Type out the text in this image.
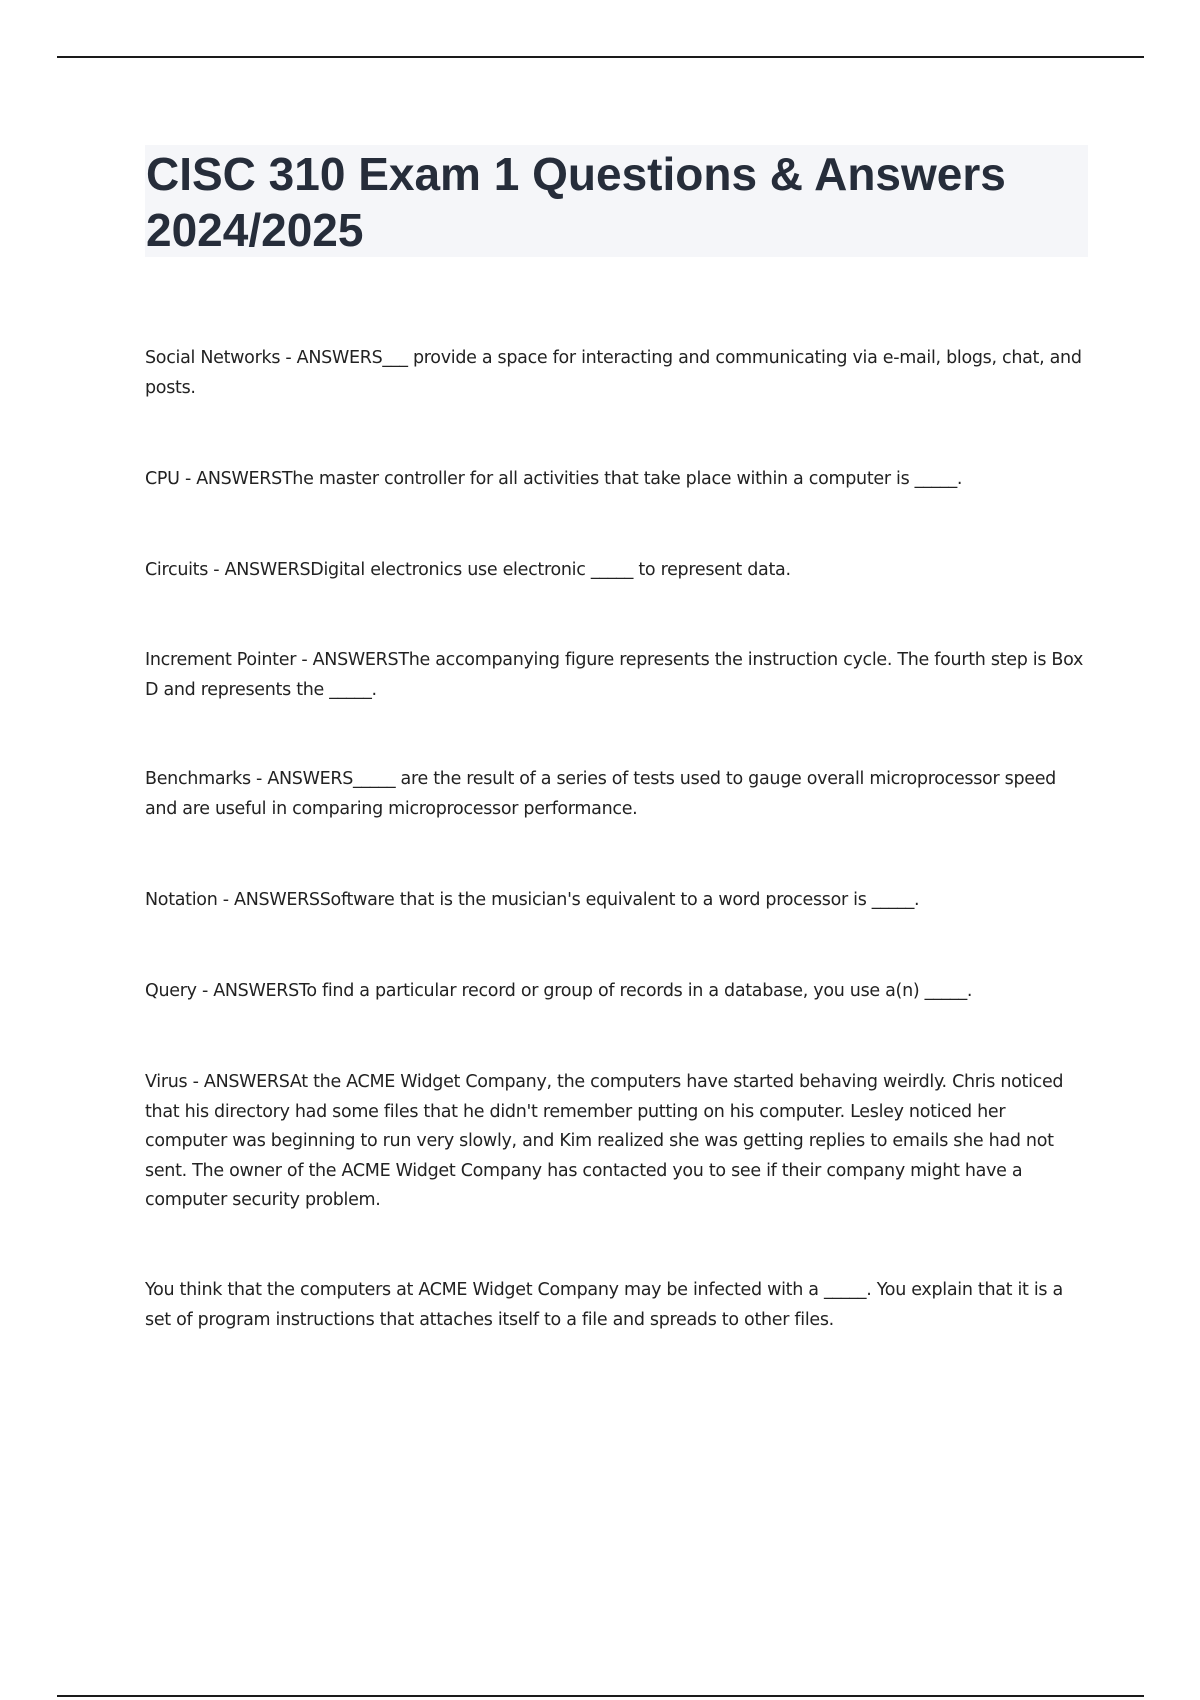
CISC 310 Exam 1 Questions & Answers 2024/2025

Social Networks - ANSWERS___ provide a space for interacting and communicating via e-mail, blogs, chat, and posts.

CPU - ANSWERSThe master controller for all activities that take place within a computer is _____.

Circuits - ANSWERSDigital electronics use electronic _____ to represent data.

Increment Pointer - ANSWERSThe accompanying figure represents the instruction cycle. The fourth step is Box D and represents the _____.

Benchmarks - ANSWERS_____ are the result of a series of tests used to gauge overall microprocessor speed and are useful in comparing microprocessor performance.

Notation - ANSWERSSoftware that is the musician's equivalent to a word processor is _____.

Query - ANSWERSTo find a particular record or group of records in a database, you use a(n) _____.

Virus - ANSWERSAt the ACME Widget Company, the computers have started behaving weirdly. Chris noticed that his directory had some files that he didn't remember putting on his computer. Lesley noticed her computer was beginning to run very slowly, and Kim realized she was getting replies to emails she had not sent. The owner of the ACME Widget Company has contacted you to see if their company might have a computer security problem.

You think that the computers at ACME Widget Company may be infected with a _____. You explain that it is a set of program instructions that attaches itself to a file and spreads to other files.
